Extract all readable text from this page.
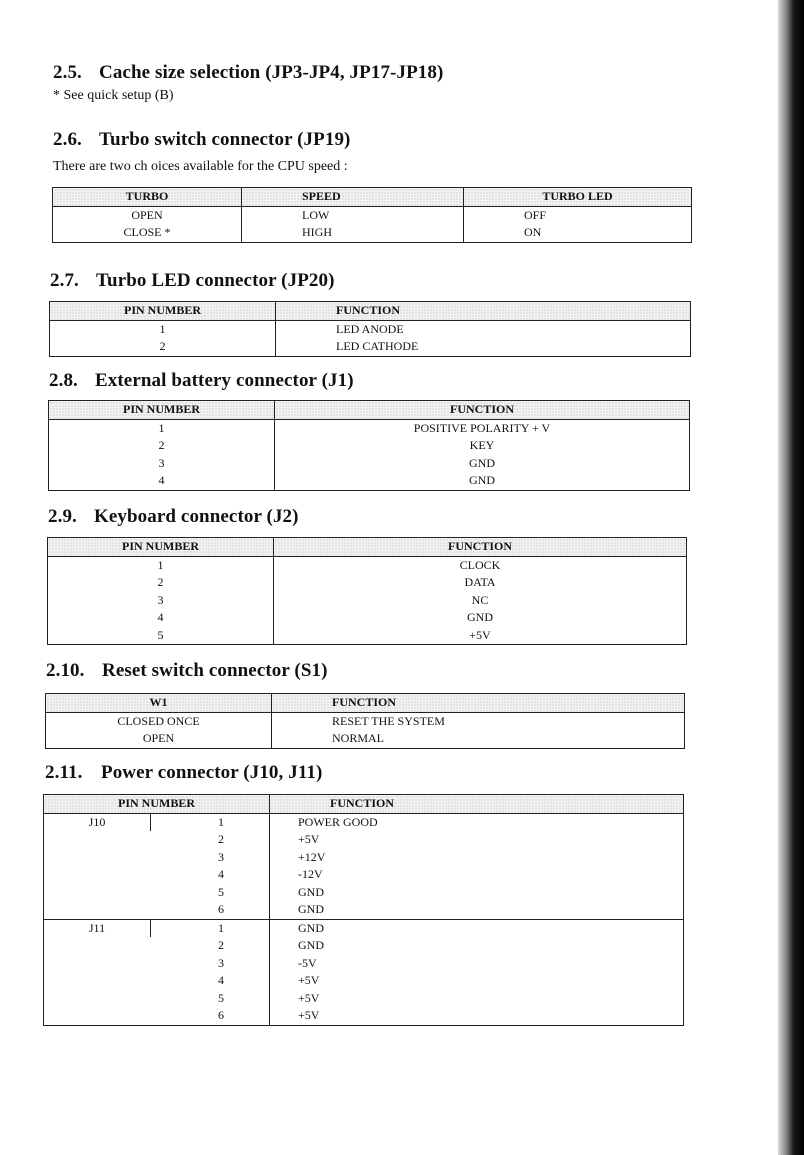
2.5. Cache size selection (JP3-JP4, JP17-JP18)
* See quick setup (B)
2.6. Turbo switch connector (JP19)
There are two ch oices available for the CPU speed :
TURBO	SPEED	TURBO LED
OPEN	LOW	OFF
CLOSE *	HIGH	ON
2.7. Turbo LED connector (JP20)
PIN NUMBER	FUNCTION
1	LED ANODE
2	LED CATHODE
2.8. External battery connector (J1)
PIN NUMBER	FUNCTION
1	POSITIVE POLARITY + V
2	KEY
3	GND
4	GND
2.9. Keyboard connector (J2)
PIN NUMBER	FUNCTION
1	CLOCK
2	DATA
3	NC
4	GND
5	+5V
2.10. Reset switch connector (S1)
W1	FUNCTION
CLOSED ONCE	RESET THE SYSTEM
OPEN	NORMAL
2.11. Power connector (J10, J11)
PIN NUMBER		FUNCTION
J10	1	POWER GOOD
	2	+5V
	3	+12V
	4	-12V
	5	GND
	6	GND
J11	1	GND
	2	GND
	3	-5V
	4	+5V
	5	+5V
	6	+5V
